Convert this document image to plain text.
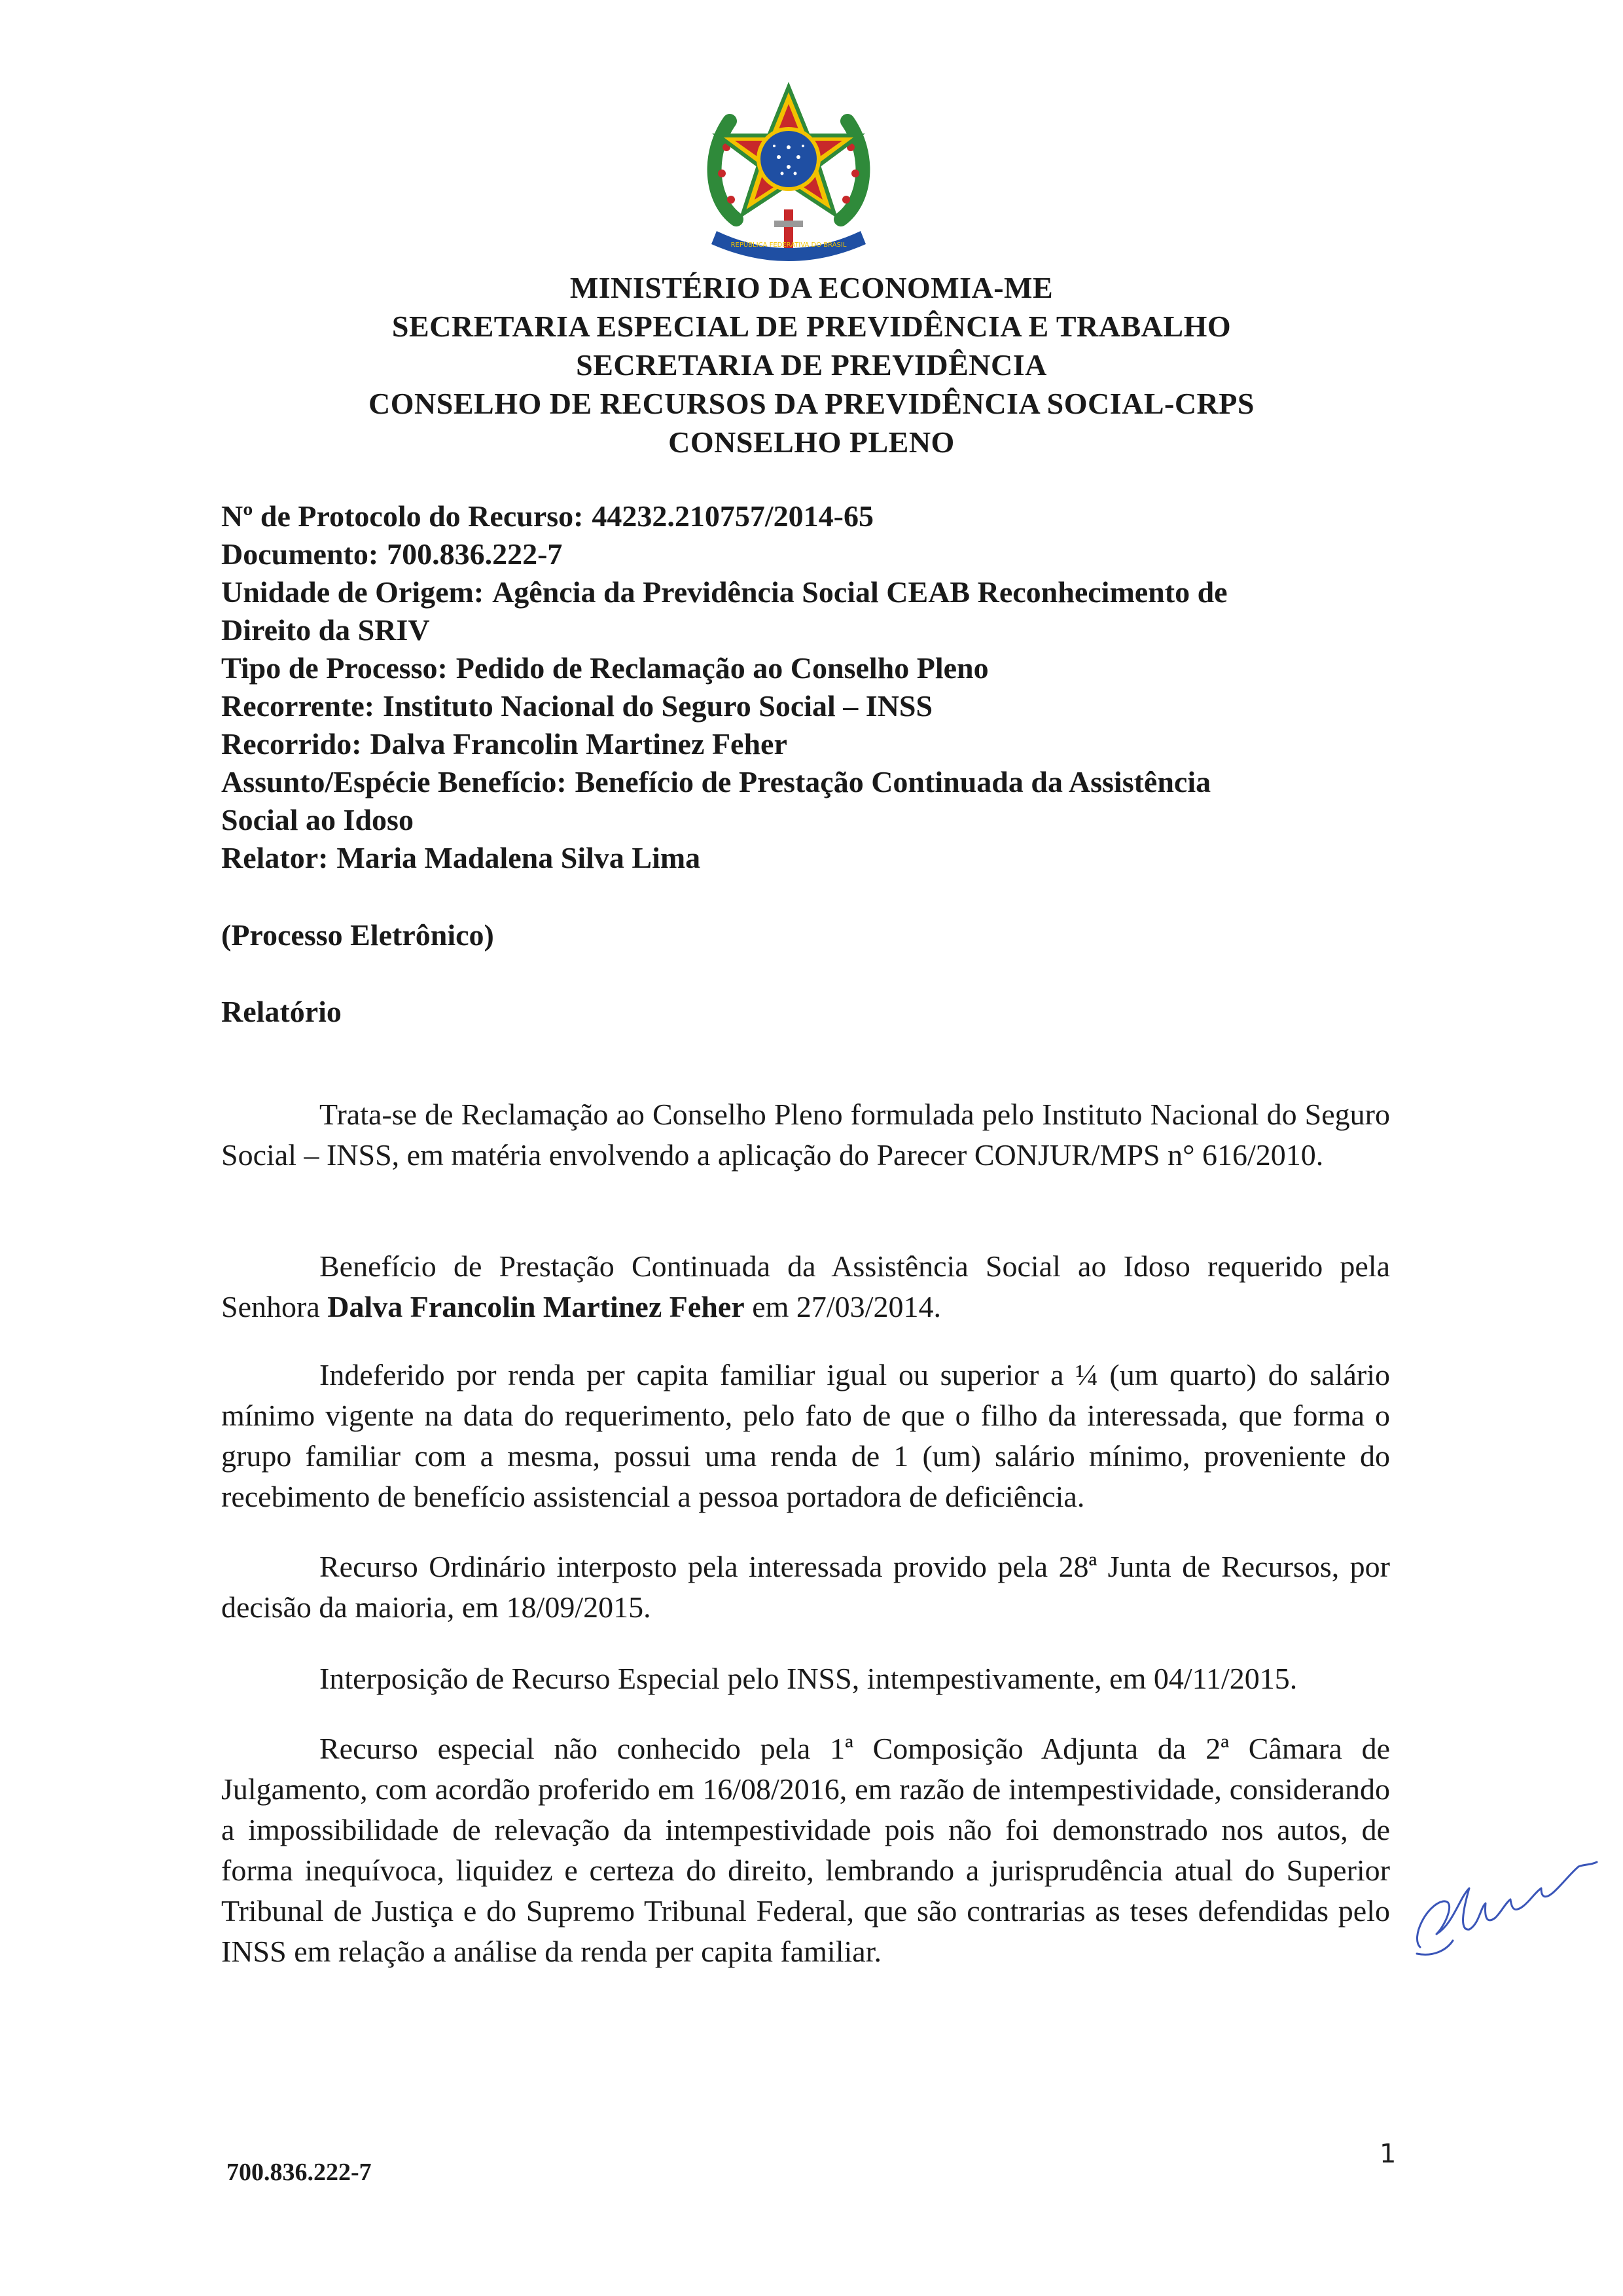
REPÚBLICA FEDERATIVA DO BRASIL

MINISTÉRIO DA ECONOMIA-ME

SECRETARIA ESPECIAL DE PREVIDÊNCIA E TRABALHO

SECRETARIA DE PREVIDÊNCIA

CONSELHO DE RECURSOS DA PREVIDÊNCIA SOCIAL-CRPS

CONSELHO PLENO

Nº de Protocolo do Recurso: 44232.210757/2014-65

Documento: 700.836.222-7

Unidade de Origem: Agência da Previdência Social CEAB Reconhecimento de

Direito da SRIV

Tipo de Processo: Pedido de Reclamação ao Conselho Pleno

Recorrente: Instituto Nacional do Seguro Social – INSS

Recorrido: Dalva Francolin Martinez Feher

Assunto/Espécie Benefício: Benefício de Prestação Continuada da Assistência

Social ao Idoso

Relator: Maria Madalena Silva Lima

(Processo Eletrônico)

Relatório

Trata-se de Reclamação ao Conselho Pleno formulada pelo Instituto Nacional do Seguro Social – INSS, em matéria envolvendo a aplicação do Parecer CONJUR/MPS n° 616/2010.

Benefício de Prestação Continuada da Assistência Social ao Idoso requerido pela Senhora Dalva Francolin Martinez Feher em 27/03/2014.

Indeferido por renda per capita familiar igual ou superior a ¼ (um quarto) do salário mínimo vigente na data do requerimento, pelo fato de que o filho da interessada, que forma o grupo familiar com a mesma, possui uma renda de 1 (um) salário mínimo, proveniente do recebimento de benefício assistencial a pessoa portadora de deficiência.

Recurso Ordinário interposto pela interessada provido pela 28ª Junta de Recursos, por decisão da maioria, em 18/09/2015.

Interposição de Recurso Especial pelo INSS, intempestivamente, em 04/11/2015.

Recurso especial não conhecido pela 1ª Composição Adjunta da 2ª Câmara de Julgamento, com acordão proferido em 16/08/2016, em razão de intempestividade, considerando a impossibilidade de relevação da intempestividade pois não foi demonstrado nos autos, de forma inequívoca, liquidez e certeza do direito, lembrando a jurisprudência atual do Superior Tribunal de Justiça e do Supremo Tribunal Federal, que são contrarias as teses defendidas pelo INSS em relação a análise da renda per capita familiar.

700.836.222-7

1
